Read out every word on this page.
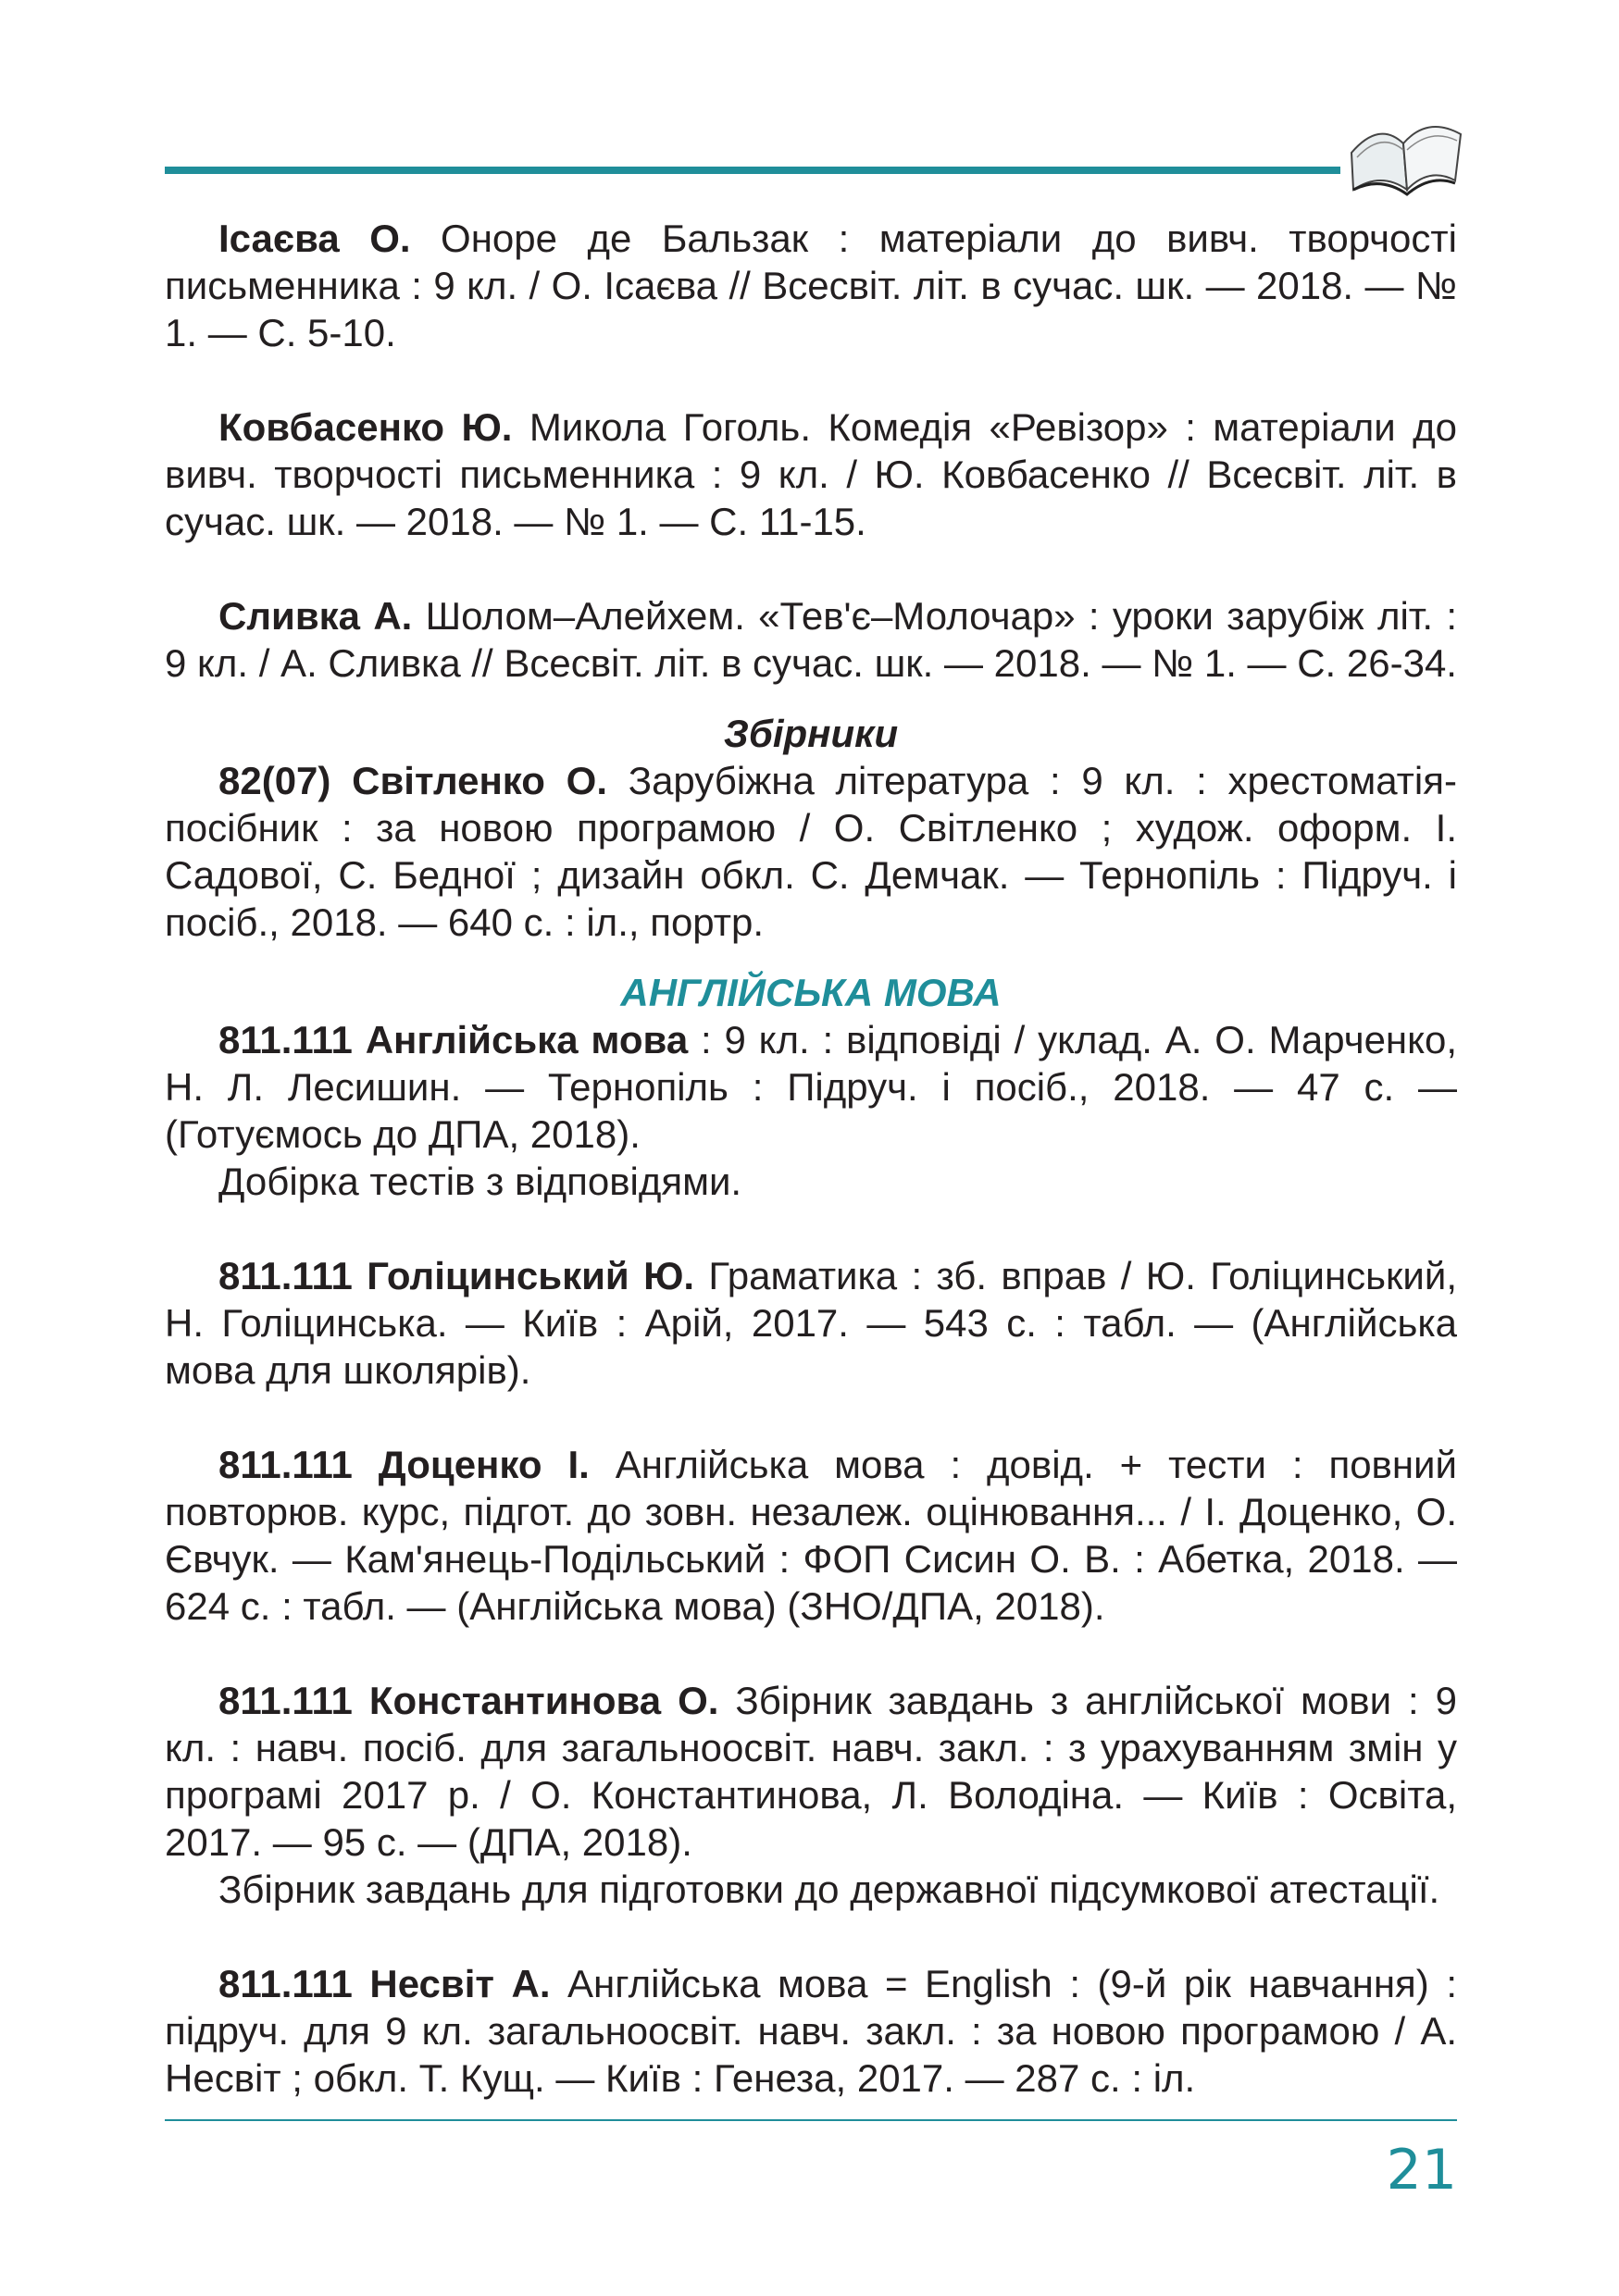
Ісаєва О. Оноре де Бальзак : матеріали до вивч. творчості письменника : 9 кл. / О. Ісаєва // Всесвіт. літ. в сучас. шк. — 2018. — № 1. — С. 5-10.

Ковбасенко Ю. Микола Гоголь. Комедія «Ревізор» : матеріали до вивч. творчості письменника : 9 кл. / Ю. Ковбасенко // Всесвіт. літ. в сучас. шк. — 2018. — № 1. — С. 11-15.

Сливка А. Шолом–Алейхем. «Тев'є–Молочар» : уроки зарубіж літ. : 9 кл. / А. Сливка // Всесвіт. літ. в сучас. шк. — 2018. — № 1. — С. 26-34.

Збірники

82(07) Світленко О. Зарубіжна література : 9 кл. : хрестоматія-посібник : за новою програмою / О. Світленко ; худож. оформ. І. Садової, С. Бедної ; дизайн обкл. С. Демчак. — Тернопіль : Підруч. і посіб., 2018. — 640 с. : іл., портр.

АНГЛІЙСЬКА МОВА

811.111 Англійська мова : 9 кл. : відповіді / уклад. А. О. Марченко, Н. Л. Лесишин. — Тернопіль : Підруч. і посіб., 2018. — 47 с. — (Готуємось до ДПА, 2018).

Добірка тестів з відповідями.

811.111 Голіцинський Ю. Граматика : зб. вправ / Ю. Голіцинський, Н. Голіцинська. — Київ : Арій, 2017. — 543 с. : табл. — (Англійська мова для школярів).

811.111 Доценко І. Англійська мова : довід. + тести : повний повторюв. курс, підгот. до зовн. незалеж. оцінювання... / І. Доценко, О. Євчук. — Кам'янець-Подільський : ФОП Сисин О. В. : Абетка, 2018. — 624 с. : табл. — (Англійська мова) (ЗНО/ДПА, 2018).

811.111 Константинова О. Збірник завдань з англійської мови : 9 кл. : навч. посіб. для загальноосвіт. навч. закл. : з урахуванням змін у програмі 2017 р. / О. Константинова, Л. Володіна. — Київ : Освіта, 2017. — 95 с. — (ДПА, 2018).

Збірник завдань для підготовки до державної підсумкової атестації.

811.111 Несвіт А. Англійська мова = English : (9-й рік навчання) : підруч. для 9 кл. загальноосвіт. навч. закл. : за новою програмою / А. Несвіт ; обкл. Т. Кущ. — Київ : Генеза, 2017. — 287 с. : іл.

21
